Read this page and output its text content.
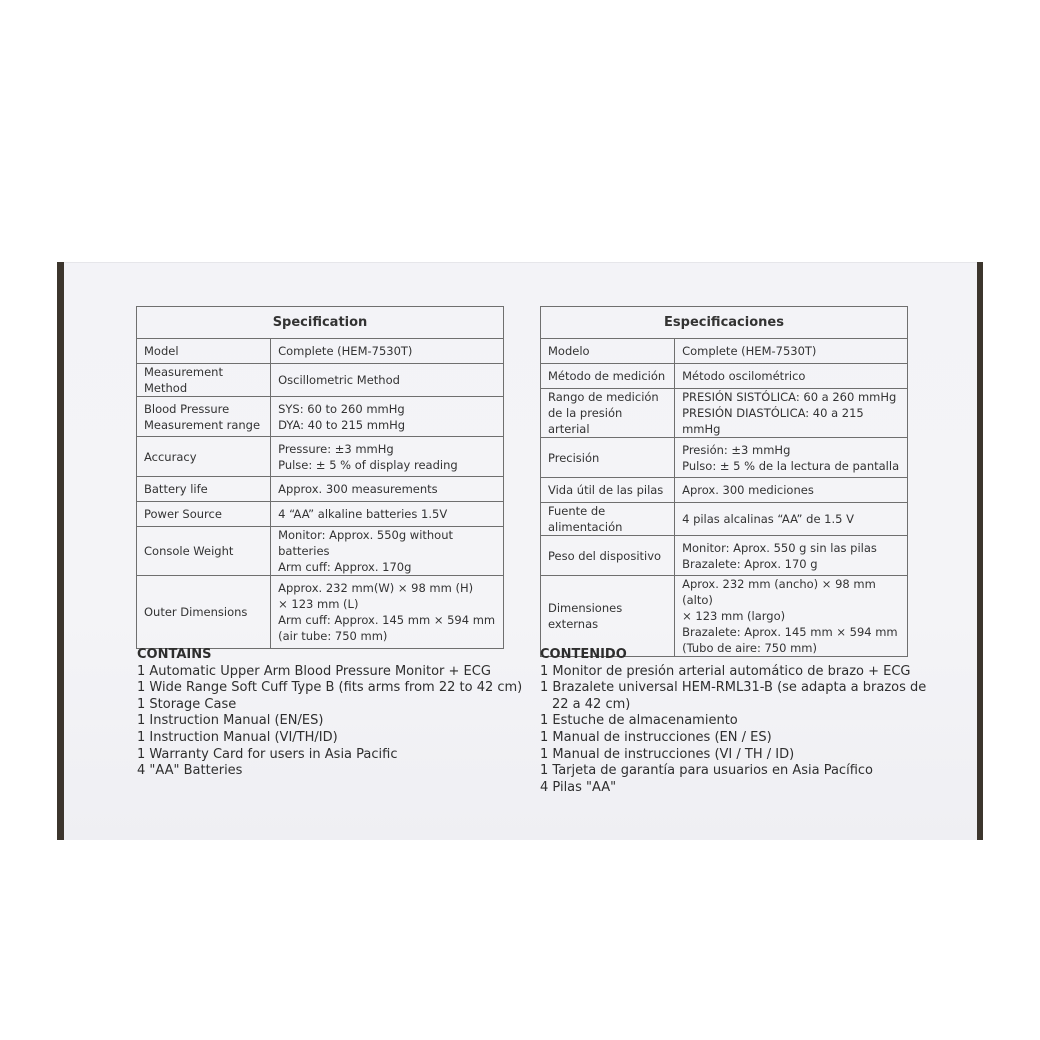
Specification	
Model	Complete (HEM-7530T)

Measurement Method	Oscillometric Method

Blood Pressure Measurement range	SYS: 60 to 260 mmHg
DYA: 40 to 215 mmHg

Accuracy	Pressure: ±3 mmHg
Pulse: ± 5 % of display reading

Battery life	Approx. 300 measurements

Power Source	4 “AA” alkaline batteries 1.5V

Console Weight	Monitor: Approx. 550g without batteries
Arm cuff: Approx. 170g

Outer Dimensions	Approx. 232 mm(W) × 98 mm (H)
× 123 mm (L)
Arm cuff: Approx. 145 mm × 594 mm
(air tube: 750 mm)
Especificaciones	
Modelo	Complete (HEM-7530T)

Método de medición	Método oscilométrico

Rango de medición de la presión arterial	PRESIÓN SISTÓLICA: 60 a 260 mmHg
PRESIÓN DIASTÓLICA: 40 a 215 mmHg

Precisión	Presión: ±3 mmHg
Pulso: ± 5 % de la lectura de pantalla

Vida útil de las pilas	Aprox. 300 mediciones

Fuente de alimentación	4 pilas alcalinas “AA” de 1.5 V

Peso del dispositivo	Monitor: Aprox. 550 g sin las pilas
Brazalete: Aprox. 170 g

Dimensiones externas	Aprox. 232 mm (ancho) × 98 mm (alto)
× 123 mm (largo)
Brazalete: Aprox. 145 mm × 594 mm
(Tubo de aire: 750 mm)
CONTAINS
1 Automatic Upper Arm Blood Pressure Monitor + ECG
1 Wide Range Soft Cuff Type B (fits arms from 22 to 42 cm)
1 Storage Case
1 Instruction Manual (EN/ES)
1 Instruction Manual (VI/TH/ID)
1 Warranty Card for users in Asia Pacific
4 "AA" Batteries
CONTENIDO
1 Monitor de presión arterial automático de brazo + ECG
1 Brazalete universal HEM-RML31-B (se adapta a brazos de
22 a 42 cm)
1 Estuche de almacenamiento
1 Manual de instrucciones (EN / ES)
1 Manual de instrucciones (VI / TH / ID)
1 Tarjeta de garantía para usuarios en Asia Pacífico
4 Pilas "AA"
